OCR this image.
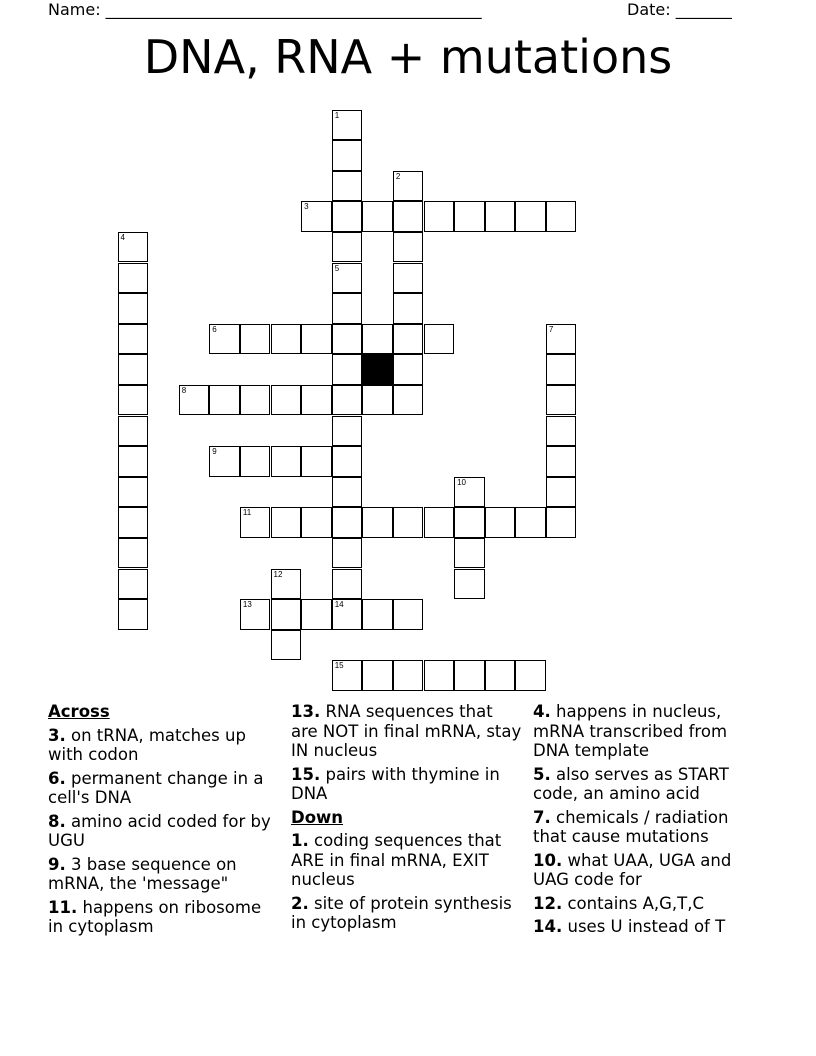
Name: _______________________________________________	Date: _______
DNA, RNA + mutations
1
5
2
3
4
6	7
8
9
10
11
12
13	14
15
Across
3. on tRNA, matches up with codon
6. permanent change in a cell's DNA
8. amino acid coded for by UGU
9. 3 base sequence on mRNA, the 'message"
11. happens on ribosome in cytoplasm
13. RNA sequences that are NOT in final mRNA, stay IN nucleus
15. pairs with thymine in DNA
Down
1. coding sequences that ARE in final mRNA, EXIT nucleus
2. site of protein synthesis in cytoplasm
4. happens in nucleus, mRNA transcribed from DNA template
5. also serves as START code, an amino acid
7. chemicals / radiation that cause mutations
10. what UAA, UGA and UAG code for
12. contains A,G,T,C
14. uses U instead of T
